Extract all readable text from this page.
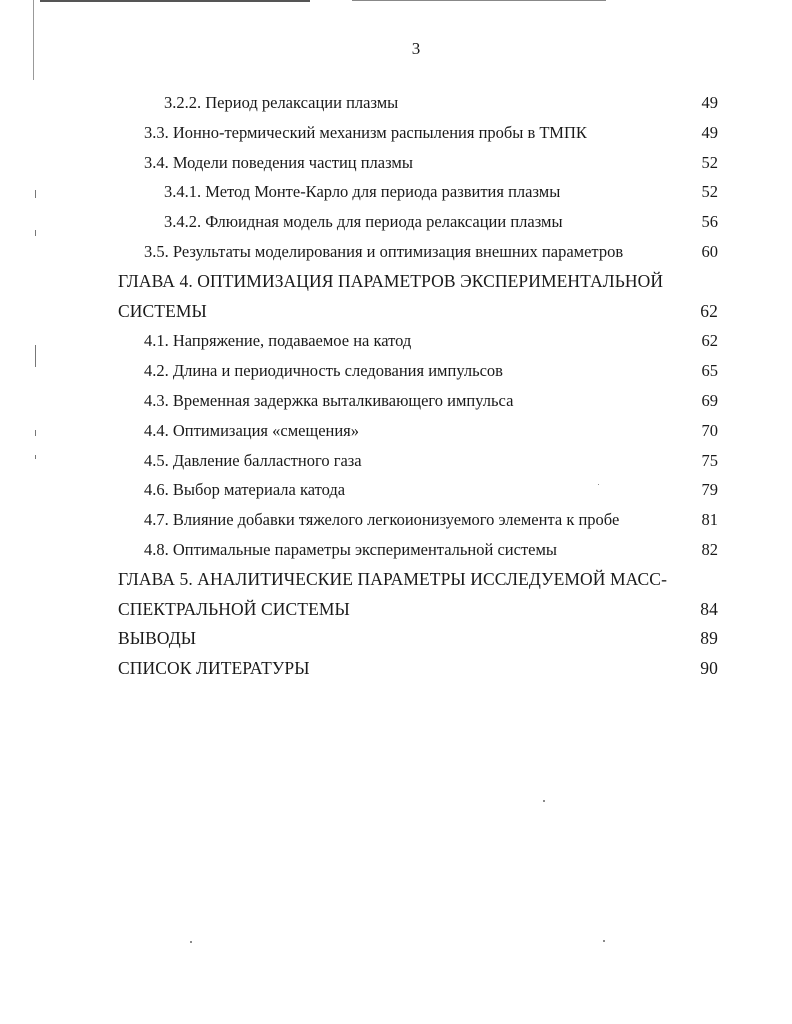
3
3.2.2. Период релаксации плазмы	49
3.3. Ионно-термический механизм распыления пробы в ТМПК	49
3.4. Модели поведения частиц плазмы	52
3.4.1. Метод Монте-Карло для периода развития плазмы	52
3.4.2. Флюидная модель для периода релаксации плазмы	56
3.5. Результаты моделирования и оптимизация внешних параметров	60
ГЛАВА 4. ОПТИМИЗАЦИЯ ПАРАМЕТРОВ ЭКСПЕРИМЕНТАЛЬНОЙ
СИСТЕМЫ	62
4.1. Напряжение, подаваемое на катод	62
4.2. Длина и периодичность следования импульсов	65
4.3. Временная задержка выталкивающего импульса	69
4.4. Оптимизация «смещения»	70
4.5. Давление балластного газа	75
4.6. Выбор материала катода	79
4.7. Влияние добавки тяжелого легкоионизуемого элемента к пробе	81
4.8. Оптимальные параметры экспериментальной системы	82
ГЛАВА 5. АНАЛИТИЧЕСКИЕ ПАРАМЕТРЫ ИССЛЕДУЕМОЙ МАСС-
СПЕКТРАЛЬНОЙ СИСТЕМЫ	84
ВЫВОДЫ	89
СПИСОК ЛИТЕРАТУРЫ	90
